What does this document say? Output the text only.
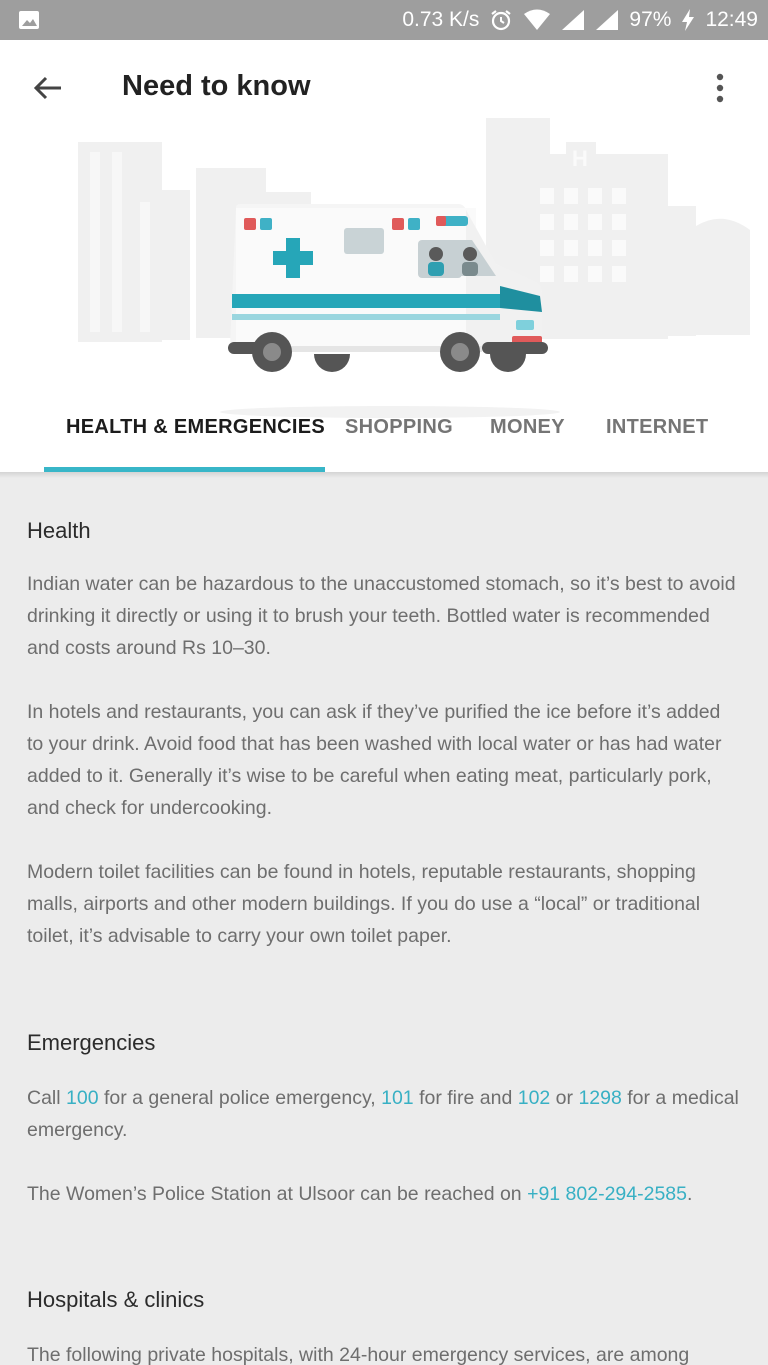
0.73 K/s	97% 12:49
Need to know
H
HEALTH & EMERGENCIES SHOPPING MONEY INTERNET
Health

Indian water can be hazardous to the unaccustomed stomach, so it’s best to avoid drinking it directly or using it to brush your teeth. Bottled water is recommended and costs around Rs 10–30.

In hotels and restaurants, you can ask if they’ve purified the ice before it’s added to your drink. Avoid food that has been washed with local water or has had water added to it. Generally it’s wise to be careful when eating meat, particularly pork, and check for undercooking.

Modern toilet facilities can be found in hotels, reputable restaurants, shopping malls, airports and other modern buildings. If you do use a “local” or traditional toilet, it’s advisable to carry your own toilet paper.

Emergencies

Call 100 for a general police emergency, 101 for fire and 102 or 1298 for a medical emergency.

The Women’s Police Station at Ulsoor can be reached on +91 802-294-2585.

Hospitals & clinics

The following private hospitals, with 24-hour emergency services, are among
